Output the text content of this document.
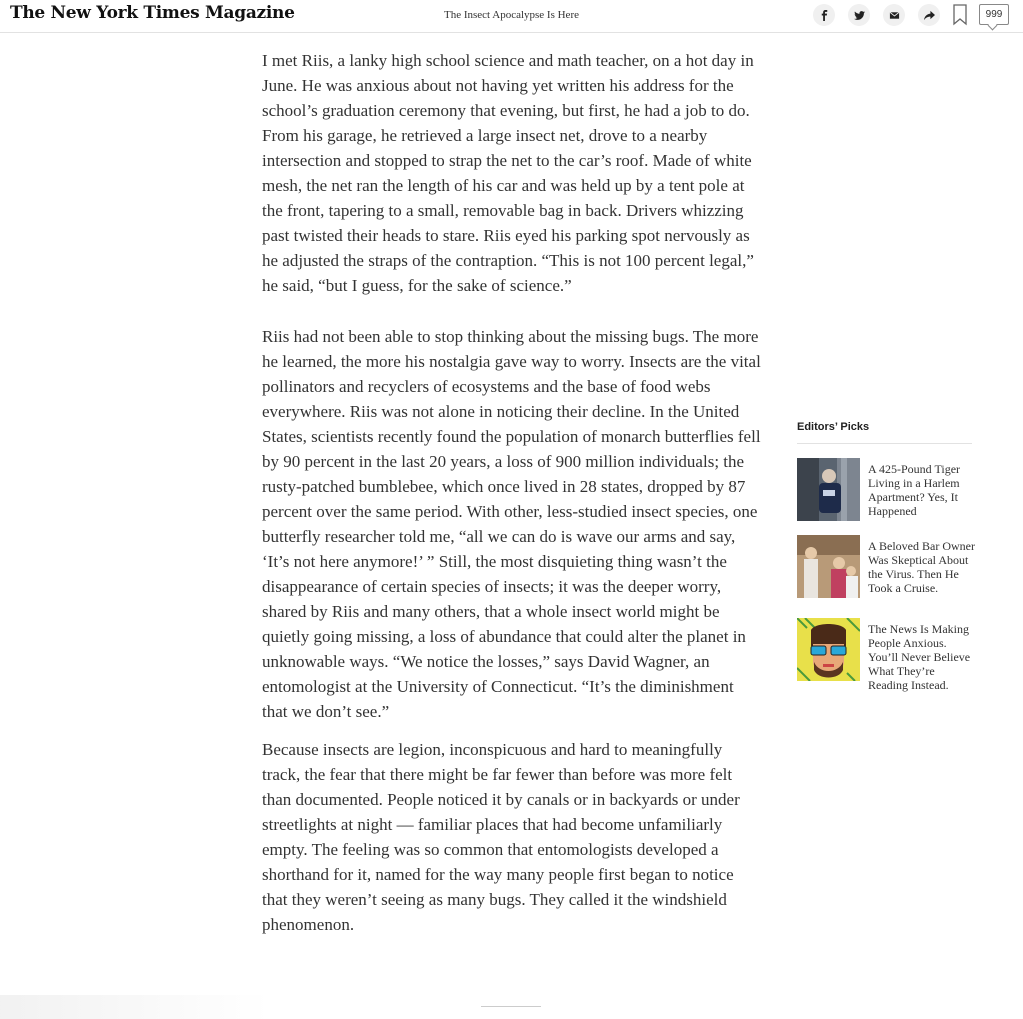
The New York Times Magazine	The Insect Apocalypse Is Here	999

I met Riis, a lanky high school science and math teacher, on a hot day in June. He was anxious about not having yet written his address for the school’s graduation ceremony that evening, but first, he had a job to do. From his garage, he retrieved a large insect net, drove to a nearby intersection and stopped to strap the net to the car’s roof. Made of white mesh, the net ran the length of his car and was held up by a tent pole at the front, tapering to a small, removable bag in back. Drivers whizzing past twisted their heads to stare. Riis eyed his parking spot nervously as he adjusted the straps of the contraption. “This is not 100 percent legal,” he said, “but I guess, for the sake of science.”

Riis had not been able to stop thinking about the missing bugs. The more he learned, the more his nostalgia gave way to worry. Insects are the vital pollinators and recyclers of ecosystems and the base of food webs everywhere. Riis was not alone in noticing their decline. In the United States, scientists recently found the population of monarch butterflies fell by 90 percent in the last 20 years, a loss of 900 million individuals; the rusty-patched bumblebee, which once lived in 28 states, dropped by 87 percent over the same period. With other, less-studied insect species, one butterfly researcher told me, “all we can do is wave our arms and say, ‘It’s not here anymore!’ ” Still, the most disquieting thing wasn’t the disappearance of certain species of insects; it was the deeper worry, shared by Riis and many others, that a whole insect world might be quietly going missing, a loss of abundance that could alter the planet in unknowable ways. “We notice the losses,” says David Wagner, an entomologist at the University of Connecticut. “It’s the diminishment that we don’t see.”

Because insects are legion, inconspicuous and hard to meaningfully track, the fear that there might be far fewer than before was more felt than documented. People noticed it by canals or in backyards or under streetlights at night — familiar places that had become unfamiliarly empty. The feeling was so common that entomologists developed a shorthand for it, named for the way many people first began to notice that they weren’t seeing as many bugs. They called it the windshield phenomenon.

Editors’ Picks
A 425-Pound Tiger Living in a Harlem Apartment? Yes, It Happened
A Beloved Bar Owner Was Skeptical About the Virus. Then He Took a Cruise.
The News Is Making People Anxious. You’ll Never Believe What They’re Reading Instead.
